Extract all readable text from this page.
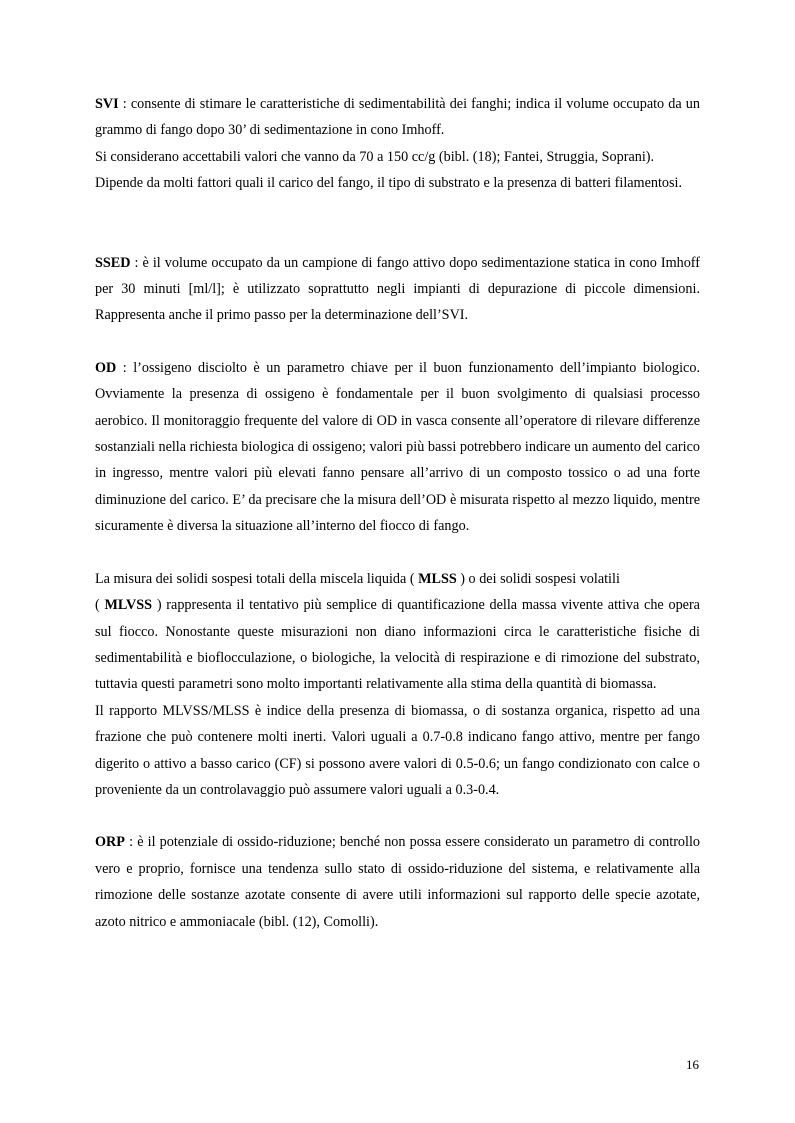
SVI : consente di stimare le caratteristiche di sedimentabilità dei fanghi; indica il volume occupato da un grammo di fango dopo 30’ di sedimentazione in cono Imhoff.

Si considerano accettabili valori che vanno da 70 a 150 cc/g (bibl. (18); Fantei, Struggia, Soprani).

Dipende da molti fattori quali il carico del fango, il tipo di substrato e la presenza di batteri filamentosi.

SSED : è il volume occupato da un campione di fango attivo dopo sedimentazione statica in cono Imhoff per 30 minuti [ml/l]; è utilizzato soprattutto negli impianti di depurazione di piccole dimensioni. Rappresenta anche il primo passo per la determinazione dell’SVI.

OD : l’ossigeno disciolto è un parametro chiave per il buon funzionamento dell’impianto biologico. Ovviamente la presenza di ossigeno è fondamentale per il buon svolgimento di qualsiasi processo aerobico. Il monitoraggio frequente del valore di OD in vasca consente all’operatore di rilevare differenze sostanziali nella richiesta biologica di ossigeno; valori più bassi potrebbero indicare un aumento del carico in ingresso, mentre valori più elevati fanno pensare all’arrivo di un composto tossico o ad una forte diminuzione del carico. E’ da precisare che la misura dell’OD è misurata rispetto al mezzo liquido, mentre sicuramente è diversa la situazione all’interno del fiocco di fango.

La misura dei solidi sospesi totali della miscela liquida ( MLSS ) o dei solidi sospesi volatili

( MLVSS ) rappresenta il tentativo più semplice di quantificazione della massa vivente attiva che opera sul fiocco. Nonostante queste misurazioni non diano informazioni circa le caratteristiche fisiche di sedimentabilità e bioflocculazione, o biologiche, la velocità di respirazione e di rimozione del substrato, tuttavia questi parametri sono molto importanti relativamente alla stima della quantità di biomassa.

Il rapporto MLVSS/MLSS è indice della presenza di biomassa, o di sostanza organica, rispetto ad una frazione che può contenere molti inerti. Valori uguali a 0.7-0.8 indicano fango attivo, mentre per fango digerito o attivo a basso carico (CF) si possono avere valori di 0.5-0.6; un fango condizionato con calce o proveniente da un controlavaggio può assumere valori uguali a 0.3-0.4.

ORP : è il potenziale di ossido-riduzione; benché non possa essere considerato un parametro di controllo vero e proprio, fornisce una tendenza sullo stato di ossido-riduzione del sistema, e relativamente alla rimozione delle sostanze azotate consente di avere utili informazioni sul rapporto delle specie azotate, azoto nitrico e ammoniacale (bibl. (12), Comolli).

16
